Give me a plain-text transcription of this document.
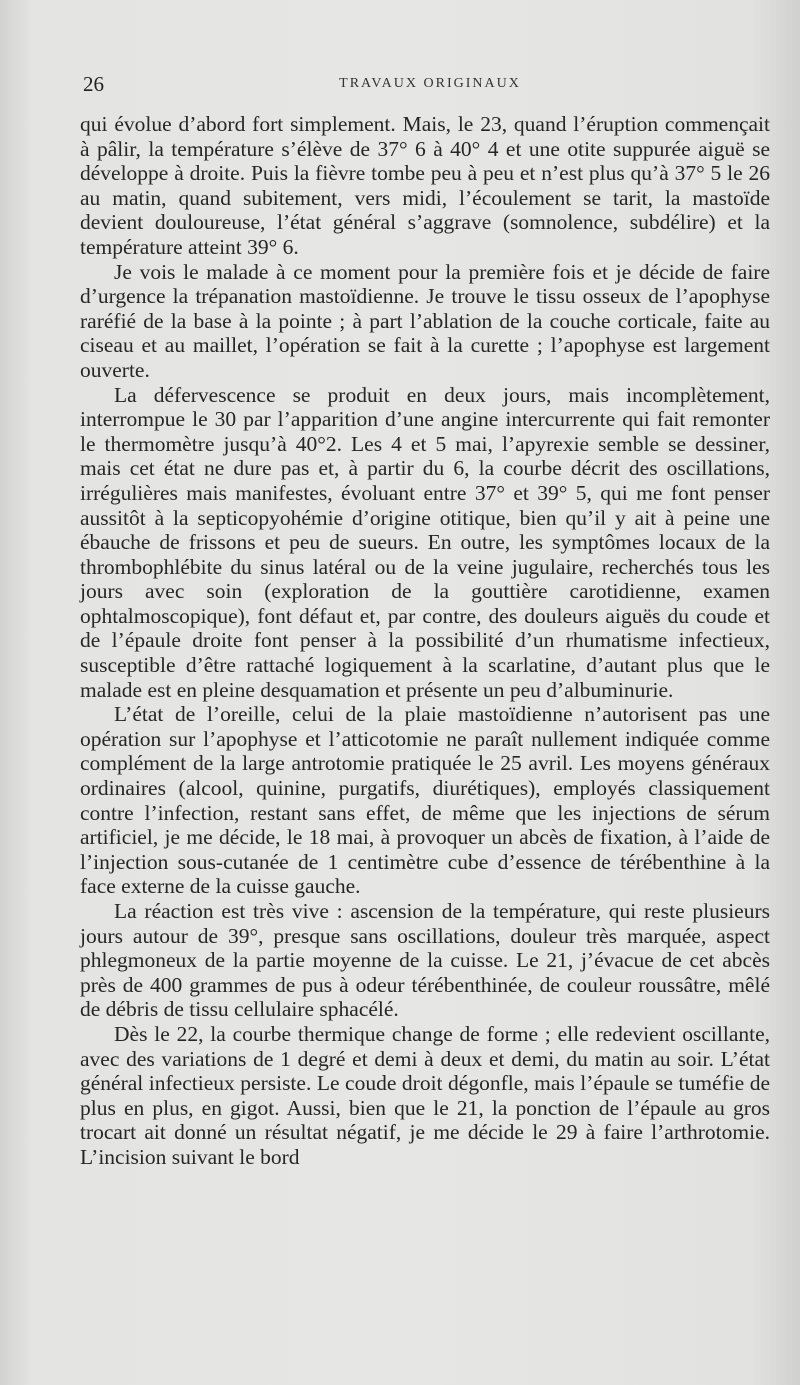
26	TRAVAUX ORIGINAUX

qui évolue d’abord fort simplement. Mais, le 23, quand l’éruption commençait à pâlir, la température s’élève de 37° 6 à 40° 4 et une otite suppurée aiguë se développe à droite. Puis la fièvre tombe peu à peu et n’est plus qu’à 37° 5 le 26 au matin, quand subitement, vers midi, l’écoulement se tarit, la mastoïde devient douloureuse, l’état général s’aggrave (somnolence, subdélire) et la température atteint 39° 6.

Je vois le malade à ce moment pour la première fois et je décide de faire d’urgence la trépanation mastoïdienne. Je trouve le tissu osseux de l’apophyse raréfié de la base à la pointe ; à part l’ablation de la couche corticale, faite au ciseau et au maillet, l’opération se fait à la curette ; l’apophyse est largement ouverte.

La défervescence se produit en deux jours, mais incomplètement, interrompue le 30 par l’apparition d’une angine intercurrente qui fait remonter le thermomètre jusqu’à 40°2. Les 4 et 5 mai, l’apyrexie semble se dessiner, mais cet état ne dure pas et, à partir du 6, la courbe décrit des oscillations, irrégulières mais manifestes, évoluant entre 37° et 39° 5, qui me font penser aussitôt à la septicopyohémie d’origine otitique, bien qu’il y ait à peine une ébauche de frissons et peu de sueurs. En outre, les symptômes locaux de la thrombophlébite du sinus latéral ou de la veine jugulaire, recherchés tous les jours avec soin (exploration de la gouttière carotidienne, examen ophtalmoscopique), font défaut et, par contre, des douleurs aiguës du coude et de l’épaule droite font penser à la possibilité d’un rhumatisme infectieux, susceptible d’être rattaché logiquement à la scarlatine, d’autant plus que le malade est en pleine desquamation et présente un peu d’albuminurie.

L’état de l’oreille, celui de la plaie mastoïdienne n’autorisent pas une opération sur l’apophyse et l’atticotomie ne paraît nullement indiquée comme complément de la large antrotomie pratiquée le 25 avril. Les moyens généraux ordinaires (alcool, quinine, purgatifs, diurétiques), employés classiquement contre l’infection, restant sans effet, de même que les injections de sérum artificiel, je me décide, le 18 mai, à provoquer un abcès de fixation, à l’aide de l’injection sous-cutanée de 1 centimètre cube d’essence de térébenthine à la face externe de la cuisse gauche.

La réaction est très vive : ascension de la température, qui reste plusieurs jours autour de 39°, presque sans oscillations, douleur très marquée, aspect phlegmoneux de la partie moyenne de la cuisse. Le 21, j’évacue de cet abcès près de 400 grammes de pus à odeur térébenthinée, de couleur roussâtre, mêlé de débris de tissu cellulaire sphacélé.

Dès le 22, la courbe thermique change de forme ; elle redevient oscillante, avec des variations de 1 degré et demi à deux et demi, du matin au soir. L’état général infectieux persiste. Le coude droit dégonfle, mais l’épaule se tuméfie de plus en plus, en gigot. Aussi, bien que le 21, la ponction de l’épaule au gros trocart ait donné un résultat négatif, je me décide le 29 à faire l’arthrotomie. L’incision suivant le bord
